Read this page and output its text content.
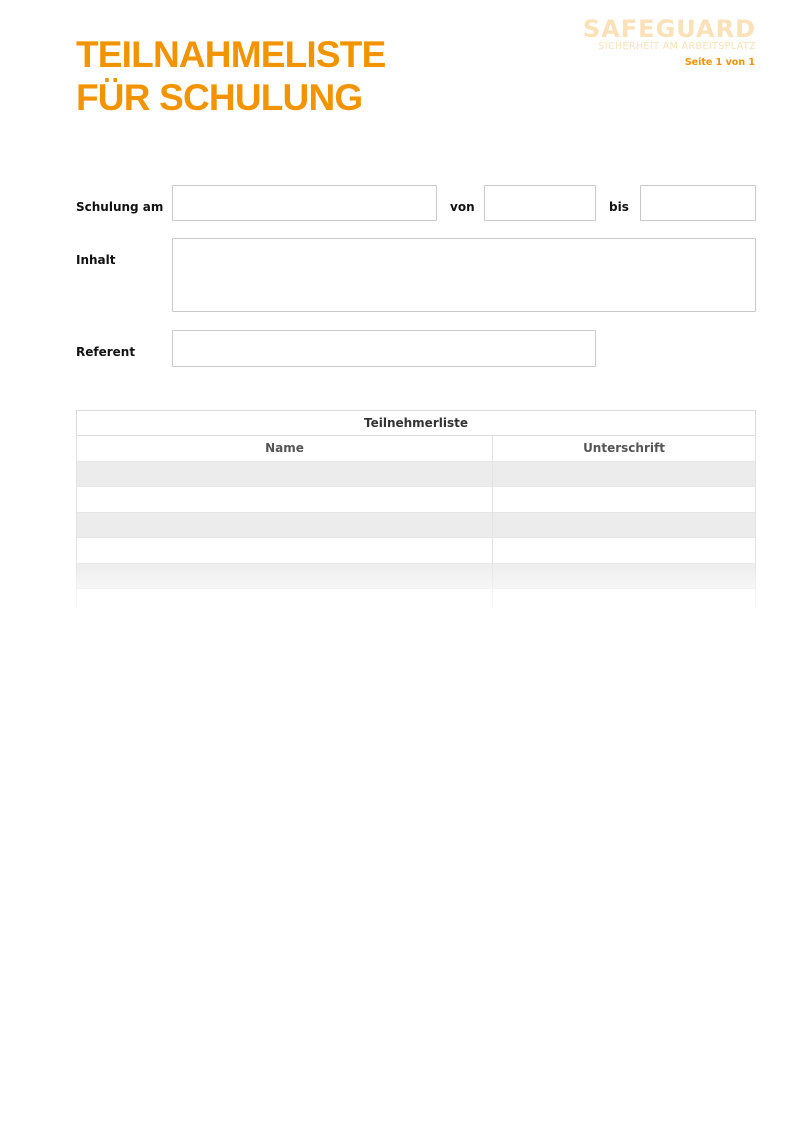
TEILNAHMELISTE
FÜR SCHULUNG
SAFEGUARD
SICHERHEIT AM ARBEITSPLATZ
Seite 1 von 1
Schulung am	von	bis
Inhalt
Referent
Teilnehmerliste
Name	Unterschrift
